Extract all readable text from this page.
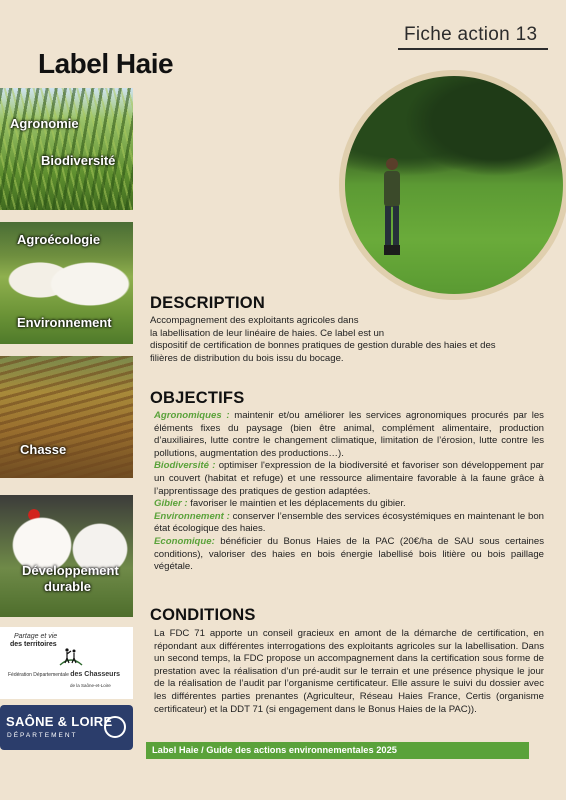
Fiche action 13
Label Haie
Agronomie
Biodiversité
Agroécologie
Environnement
Chasse
Développement
durable
Partage et vie
des territoires
Fédération Départementale des Chasseurs
de la Saône-et-Loire
SAÔNE & LOIRE
DÉPARTEMENT
DESCRIPTION
Accompagnement des exploitants agricoles dans
la labellisation de leur linéaire de haies. Ce label est un
dispositif de certification de bonnes pratiques de gestion durable des haies et des
filières de distribution du bois issu du bocage.
OBJECTIFS

Agronomiques : maintenir et/ou améliorer les services agronomiques procurés par les éléments fixes du paysage (bien être animal, complément alimentaire, production d’auxiliaires, lutte contre le changement climatique, limitation de l’érosion, lutte contre les pollutions, augmentation des productions…).

Biodiversité : optimiser l'expression de la biodiversité et favoriser son développement par un couvert (habitat et refuge) et une ressource alimentaire favorable à la faune grâce à l’apprentissage des pratiques de gestion adaptées.

Gibier : favoriser le maintien et les déplacements du gibier.

Environnement : conserver l’ensemble des services écosystémiques en maintenant le bon état écologique des haies.

Economique: bénéficier du Bonus Haies de la PAC (20€/ha de SAU sous certaines conditions), valoriser des haies en bois énergie labellisé bois litière ou bois paillage végétale.

CONDITIONS
La FDC 71 apporte un conseil gracieux en amont de la démarche de certification, en répondant aux différentes interrogations des exploitants agricoles sur la labellisation. Dans un second temps, la FDC propose un accompagnement dans la certification sous forme de prestation avec la réalisation d’un pré-audit sur le terrain et une présence physique le jour de la réalisation de l’audit par l’organisme certificateur. Elle assure le suivi du dossier avec les différentes parties prenantes (Agriculteur, Réseau Haies France, Certis (organisme certificateur) et la DDT 71 (si engagement dans le Bonus Haies de la PAC)).
Label Haie / Guide des actions environnementales 2025
